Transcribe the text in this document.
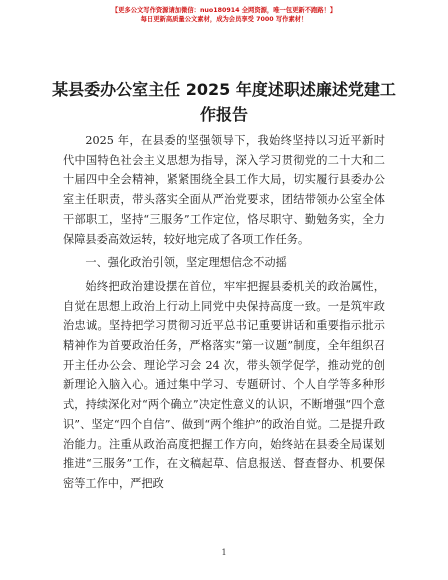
【更多公文写作资源请加微信：nuo180914 全网资源，唯一包更新不跑路！】
每日更新高质量公文素材，成为会员享受 7000 写作素材！
某县委办公室主任 2025 年度述职述廉述党建工作报告

2025 年，在县委的坚强领导下，我始终坚持以习近平新时代中国特色社会主义思想为指导，深入学习贯彻党的二十大和二十届四中全会精神，紧紧围绕全县工作大局，切实履行县委办公室主任职责，带头落实全面从严治党要求，团结带领办公室全体干部职工，坚持“三服务”工作定位，恪尽职守、勤勉务实，全力保障县委高效运转，较好地完成了各项工作任务。

一、强化政治引领，坚定理想信念不动摇

始终把政治建设摆在首位，牢牢把握县委机关的政治属性，自觉在思想上政治上行动上同党中央保持高度一致。一是筑牢政治忠诚。坚持把学习贯彻习近平总书记重要讲话和重要指示批示精神作为首要政治任务，严格落实“第一议题”制度，全年组织召开主任办公会、理论学习会 24 次，带头领学促学，推动党的创新理论入脑入心。通过集中学习、专题研讨、个人自学等多种形式，持续深化对“两个确立”决定性意义的认识，不断增强“四个意识”、坚定“四个自信”、做到“两个维护”的政治自觉。二是提升政治能力。注重从政治高度把握工作方向，始终站在县委全局谋划推进“三服务”工作，在文稿起草、信息报送、督查督办、机要保密等工作中，严把政

1
